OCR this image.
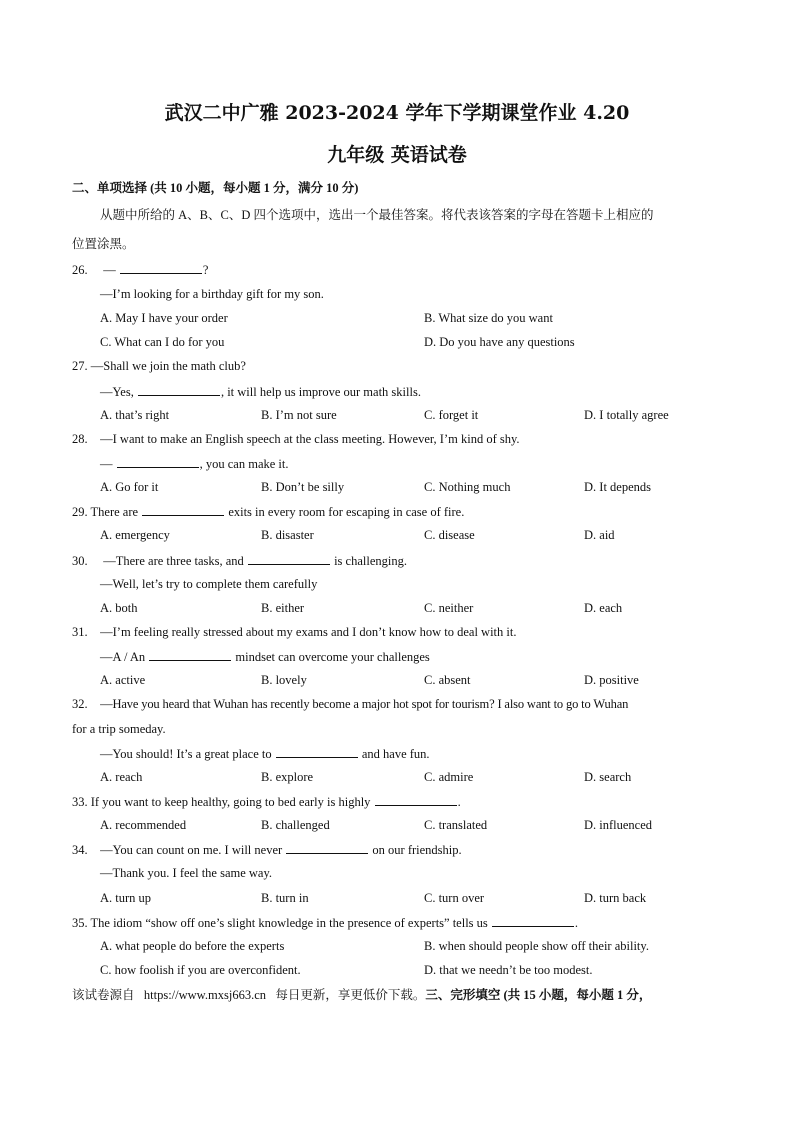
武汉二中广雅 2023-2024 学年下学期课堂作业 4.20
九年级 英语试卷
二、单项选择 (共 10 小题，每小题 1 分，满分 10 分)
从题中所给的 A、B、C、D 四个选项中，选出一个最佳答案。将代表该答案的字母在答题卡上相应的
位置涂黑。
26. —	?
—I’m looking for a birthday gift for my son.
A. May I have your order	B. What size do you want
C. What can I do for you	D. Do you have any questions
27. —Shall we join the math club?
—Yes,	, it will help us improve our math skills.
A. that’s right	B. I’m not sure	C. forget it	D. I totally agree
28. —I want to make an English speech at the class meeting. However, I’m kind of shy.
—	, you can make it.
A. Go for it	B. Don’t be silly	C. Nothing much	D. It depends
29. There are	exits in every room for escaping in case of fire.
A. emergency	B. disaster	C. disease	D. aid
30. —There are three tasks, and	is challenging.
—Well, let’s try to complete them carefully
A. both	B. either	C. neither	D. each
31. —I’m feeling really stressed about my exams and I don’t know how to deal with it.
—A / An	mindset can overcome your challenges
A. active	B. lovely	C. absent	D. positive
32. —Have you heard that Wuhan has recently become a major hot spot for tourism? I also want to go to Wuhan
for a trip someday.
—You should! It’s a great place to	and have fun.
A. reach	B. explore	C. admire	D. search
33. If you want to keep healthy, going to bed early is highly	.
A. recommended	B. challenged	C. translated	D. influenced
34. —You can count on me. I will never	on our friendship.
—Thank you. I feel the same way.
A. turn up	B. turn in	C. turn over	D. turn back
35. The idiom “show off one’s slight knowledge in the presence of experts” tells us	.
A. what people do before the experts	B. when should people show off their ability.
C. how foolish if you are overconfident.	D. that we needn’t be too modest.
该试卷源自 https://www.mxsj663.cn 每日更新，享更低价下载。三、完形填空 (共 15 小题，每小题 1 分，
